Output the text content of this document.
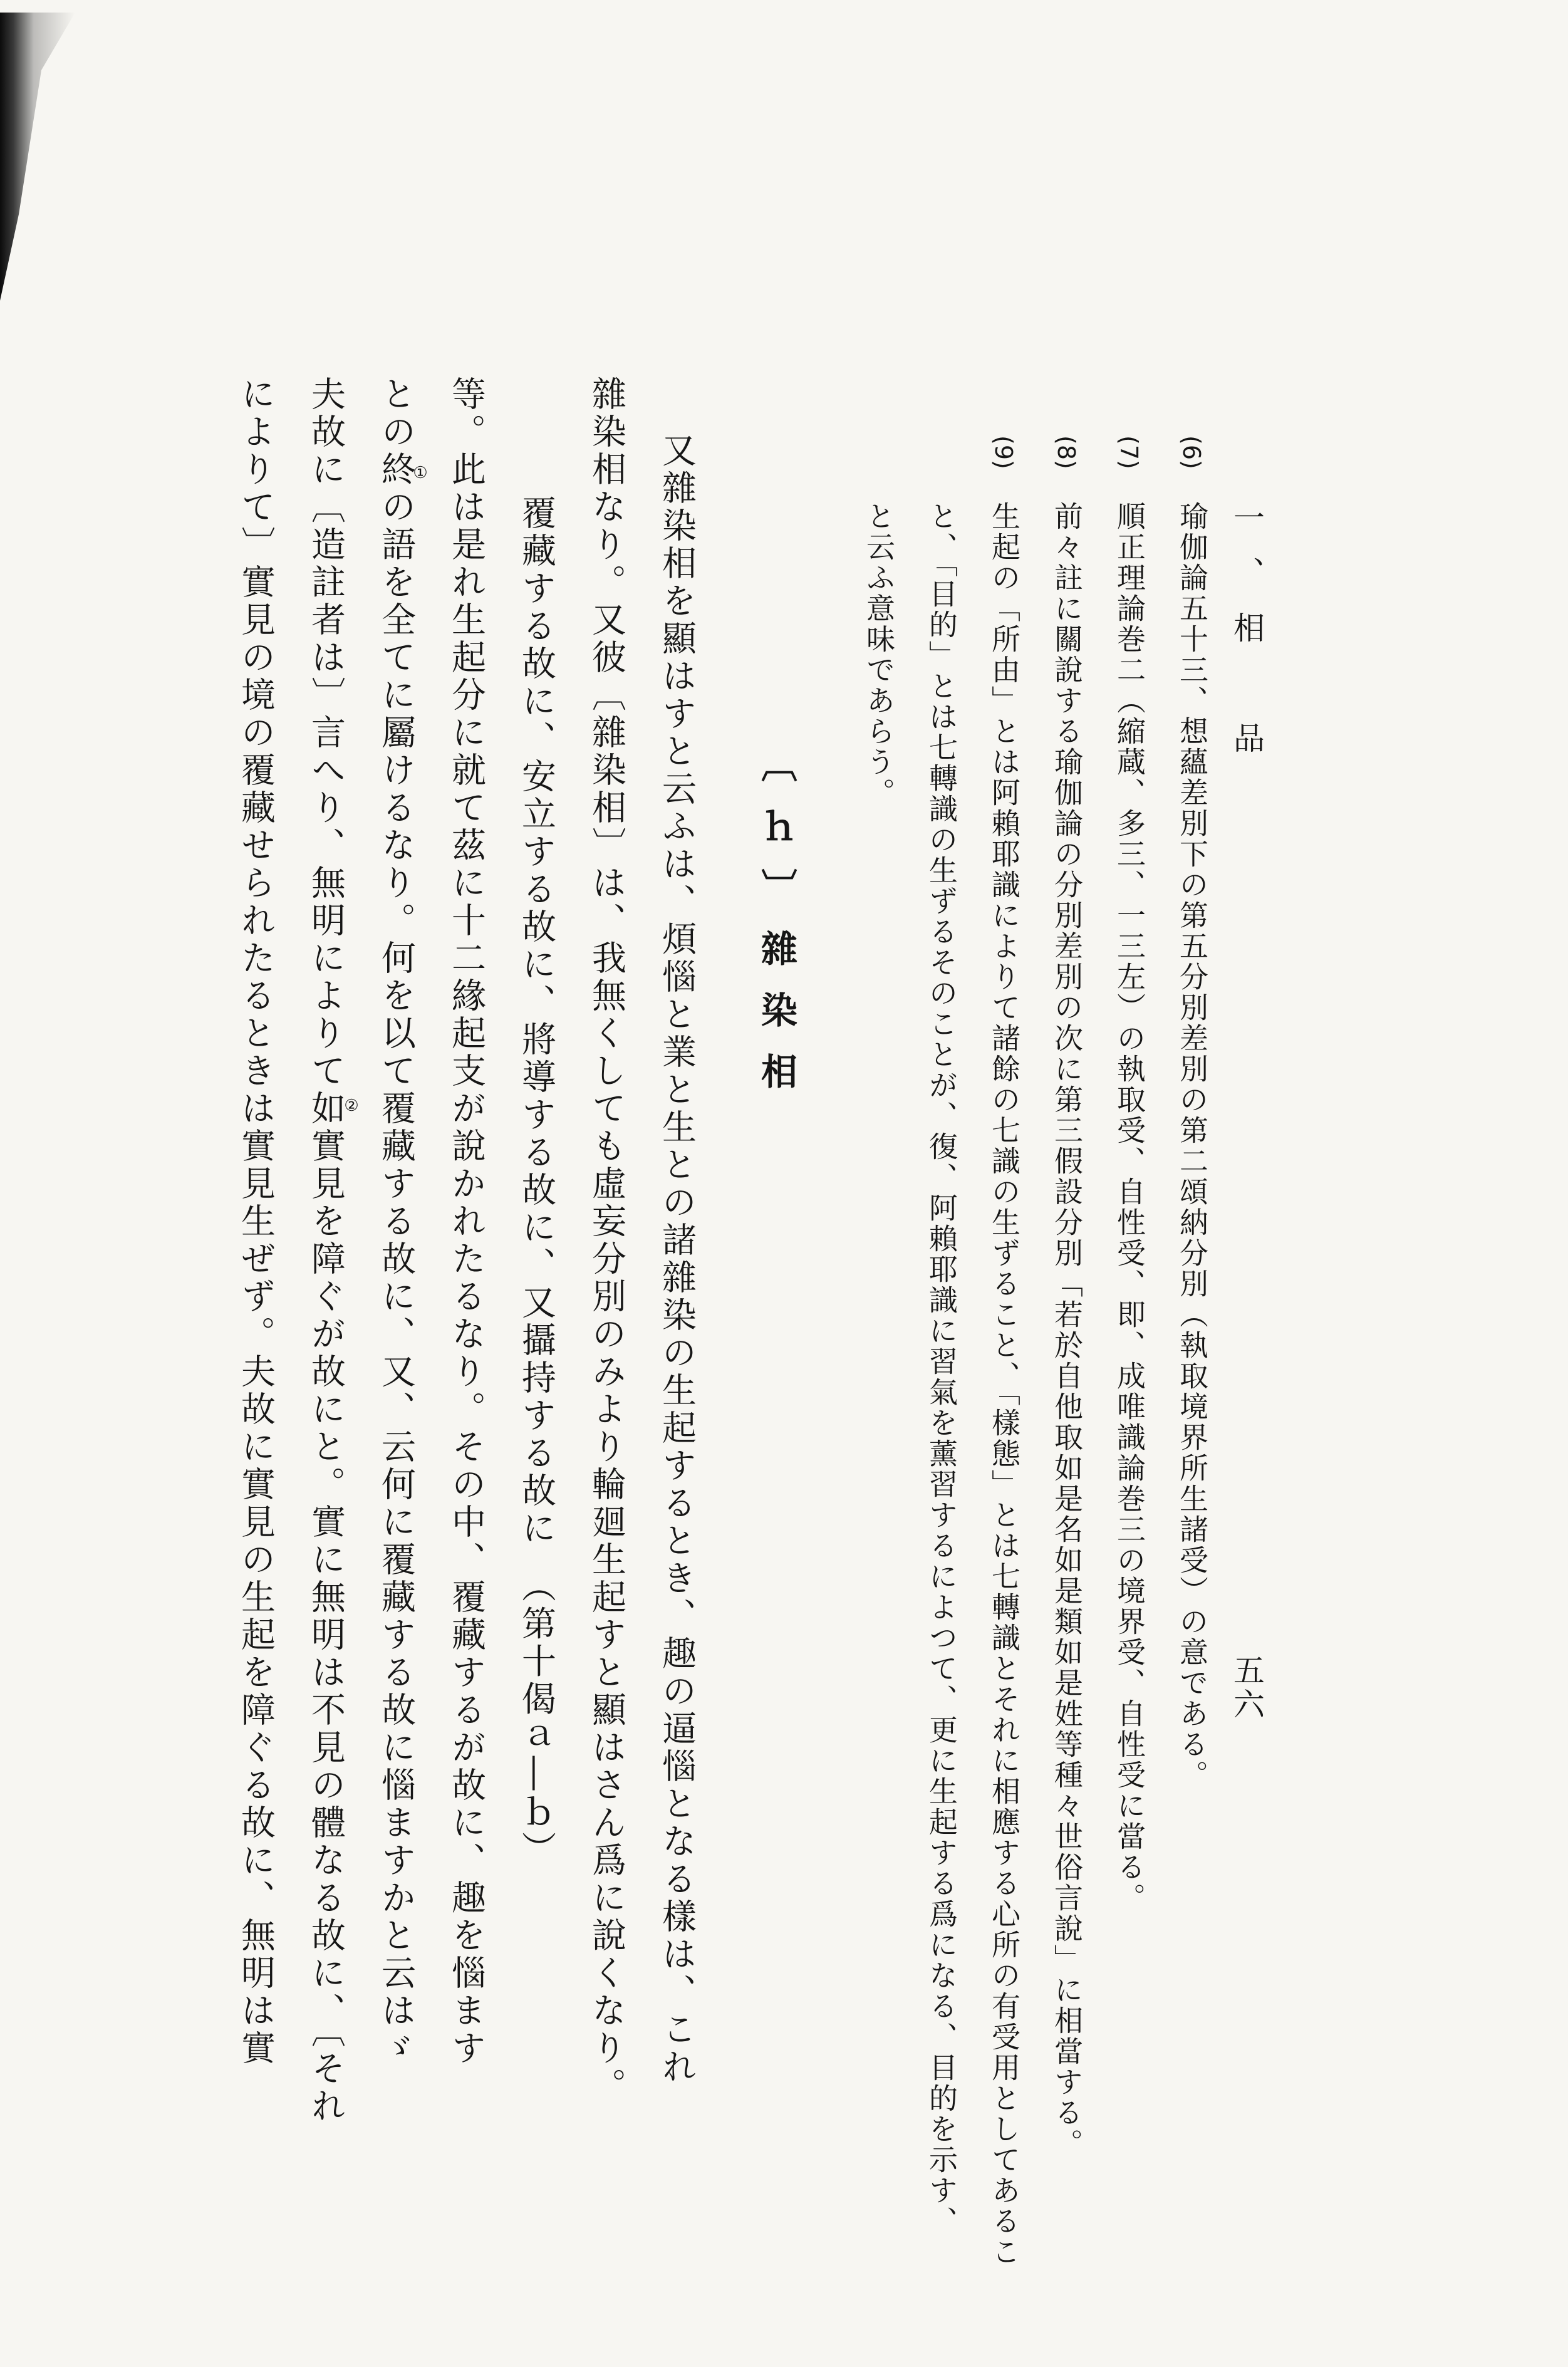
一、相　品
五六
(6)
瑜伽論五十三、想蘊差別下の第五分別差別の第二頌納分別（執取境界所生諸受）の意である。
(7)
順正理論巻二（縮蔵、多三、一三左）の執取受、自性受、即、成唯識論巻三の境界受、自性受に當る。
(8)
前々註に關說する瑜伽論の分別差別の次に第三假設分別「若於自他取如是名如是類如是姓等種々世俗言說」に相當する。
(9)
生起の「所由」とは阿賴耶識によりて諸餘の七識の生ずること、「樣態」とは七轉識とそれに相應する心所の有受用としてあるこ
と、「目的」とは七轉識の生ずるそのことが、復、阿賴耶識に習氣を薰習するによつて、更に生起する爲になる、目的を示す、
と云ふ意味であらう。
〔ｈ〕雜染相
又雜染相を顯はすと云ふは、煩惱と業と生との諸雜染の生起するとき、趣の逼惱となる樣は、これ
雜染相なり。又彼〔雜染相〕は、我無くしても虛妄分別のみより輪廻生起すと顯はさん爲に說くなり。
覆藏する故に、安立する故に、將導する故に、又攝持する故に　（第十偈ａ―ｂ）
等。此は是れ生起分に就て茲に十二緣起支が說かれたるなり。その中、覆藏するが故に、趣を惱ます
との終の語を全てに屬けるなり。何を以て覆藏する故に、又、云何に覆藏する故に惱ますかと云はゞ
夫故に〔造註者は〕言へり、無明によりて如實見を障ぐが故にと。實に無明は不見の體なる故に、〔それ
によりて〕實見の境の覆藏せられたるときは實見生ぜず。夫故に實見の生起を障ぐる故に、無明は實	①
②
